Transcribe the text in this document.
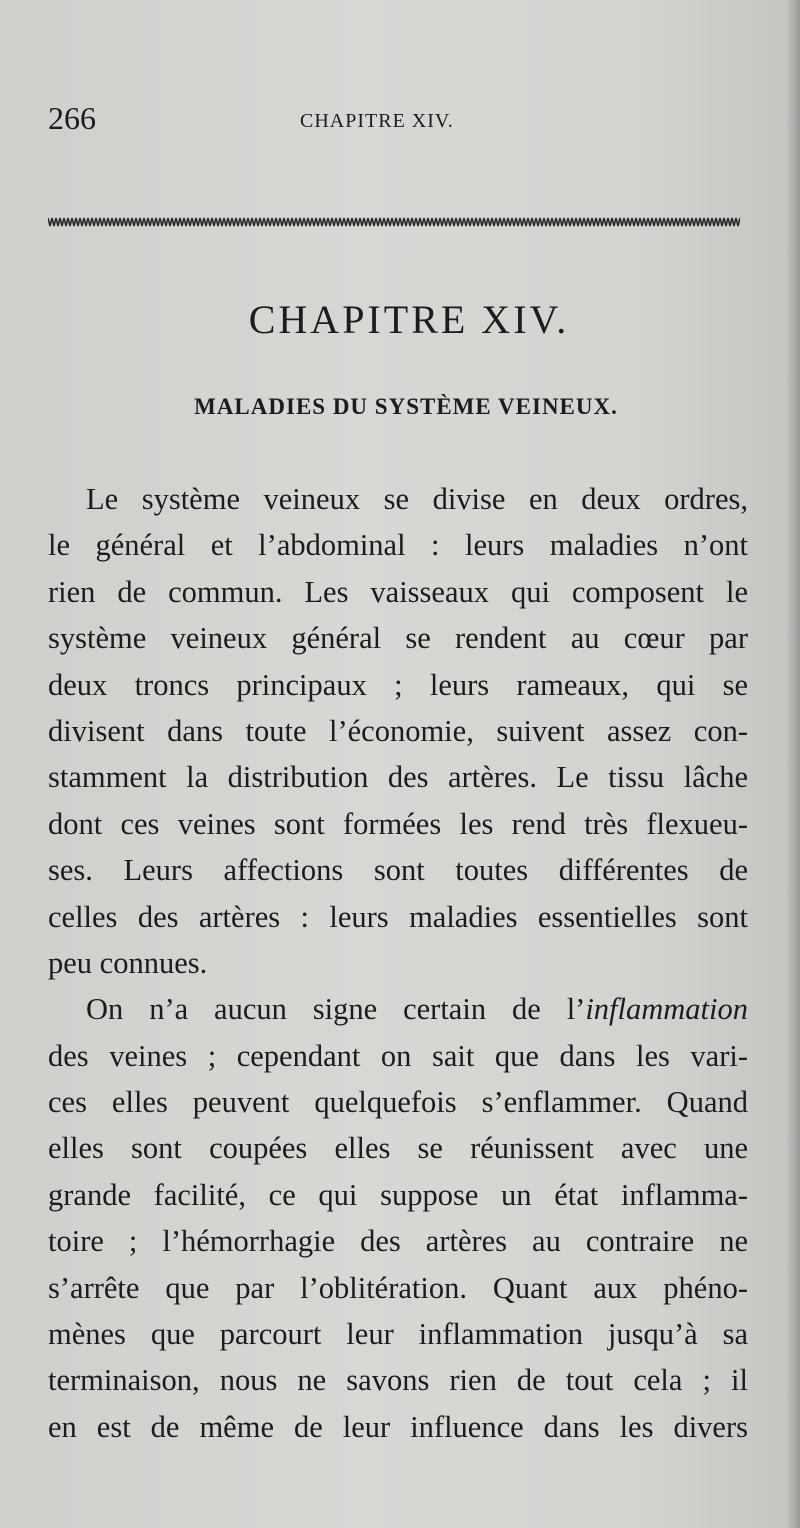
266	CHAPITRE XIV.
CHAPITRE XIV.
MALADIES DU SYSTÈME VEINEUX.
Le système veineux se divise en deux ordres,
le général et l’abdominal : leurs maladies n’ont
rien de commun. Les vaisseaux qui composent le
système veineux général se rendent au cœur par
deux troncs principaux ; leurs rameaux, qui se
divisent dans toute l’économie, suivent assez con-
stamment la distribution des artères. Le tissu lâche
dont ces veines sont formées les rend très flexueu-
ses. Leurs affections sont toutes différentes de
celles des artères : leurs maladies essentielles sont
peu connues.
On n’a aucun signe certain de l’inflammation
des veines ; cependant on sait que dans les vari-
ces elles peuvent quelquefois s’enflammer. Quand
elles sont coupées elles se réunissent avec une
grande facilité, ce qui suppose un état inflamma-
toire ; l’hémorrhagie des artères au contraire ne
s’arrête que par l’oblitération. Quant aux phéno-
mènes que parcourt leur inflammation jusqu’à sa
terminaison, nous ne savons rien de tout cela ; il
en est de même de leur influence dans les divers
